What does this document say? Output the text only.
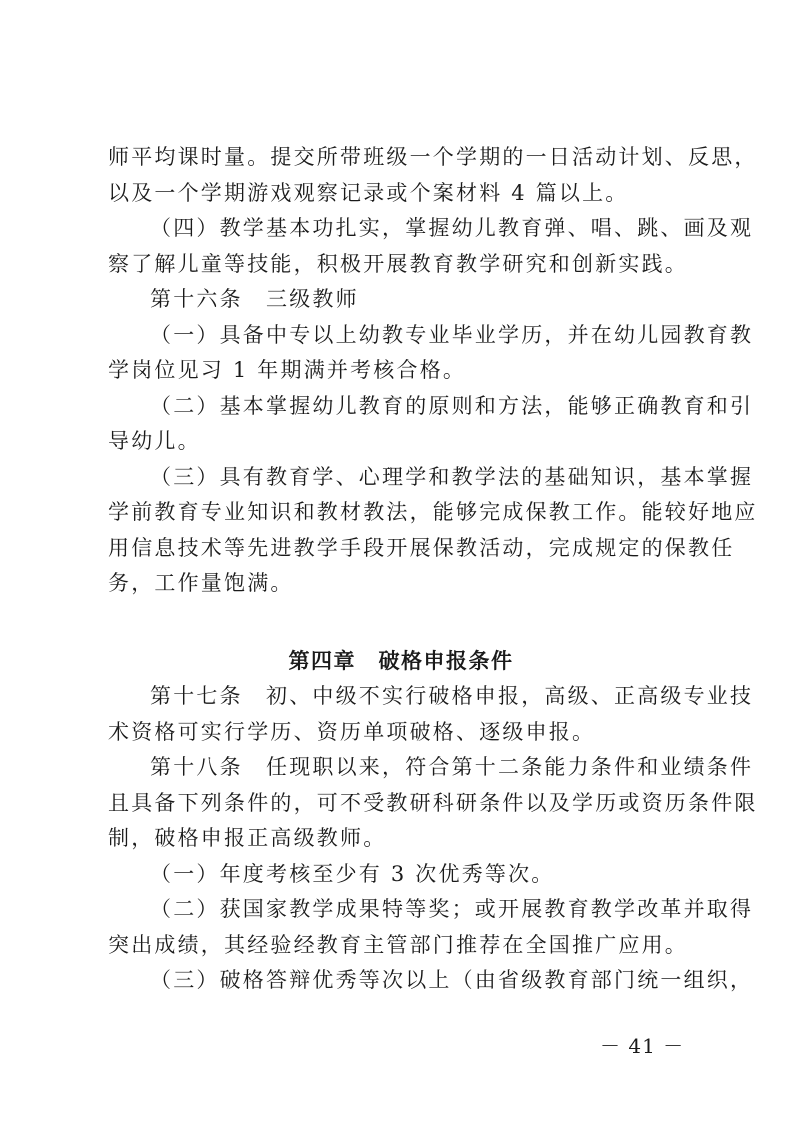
师平均课时量。提交所带班级一个学期的一日活动计划、反思，
以及一个学期游戏观察记录或个案材料 4 篇以上。
（四）教学基本功扎实，掌握幼儿教育弹、唱、跳、画及观
察了解儿童等技能，积极开展教育教学研究和创新实践。
第十六条　三级教师
（一）具备中专以上幼教专业毕业学历，并在幼儿园教育教
学岗位见习 1 年期满并考核合格。
（二）基本掌握幼儿教育的原则和方法，能够正确教育和引
导幼儿。
（三）具有教育学、心理学和教学法的基础知识，基本掌握
学前教育专业知识和教材教法，能够完成保教工作。能较好地应
用信息技术等先进教学手段开展保教活动，完成规定的保教任
务，工作量饱满。
第四章　破格申报条件
第十七条　初、中级不实行破格申报，高级、正高级专业技
术资格可实行学历、资历单项破格、逐级申报。
第十八条　任现职以来，符合第十二条能力条件和业绩条件
且具备下列条件的，可不受教研科研条件以及学历或资历条件限
制，破格申报正高级教师。
（一）年度考核至少有 3 次优秀等次。
（二）获国家教学成果特等奖；或开展教育教学改革并取得
突出成绩，其经验经教育主管部门推荐在全国推广应用。
（三）破格答辩优秀等次以上（由省级教育部门统一组织，
－ 41 －
